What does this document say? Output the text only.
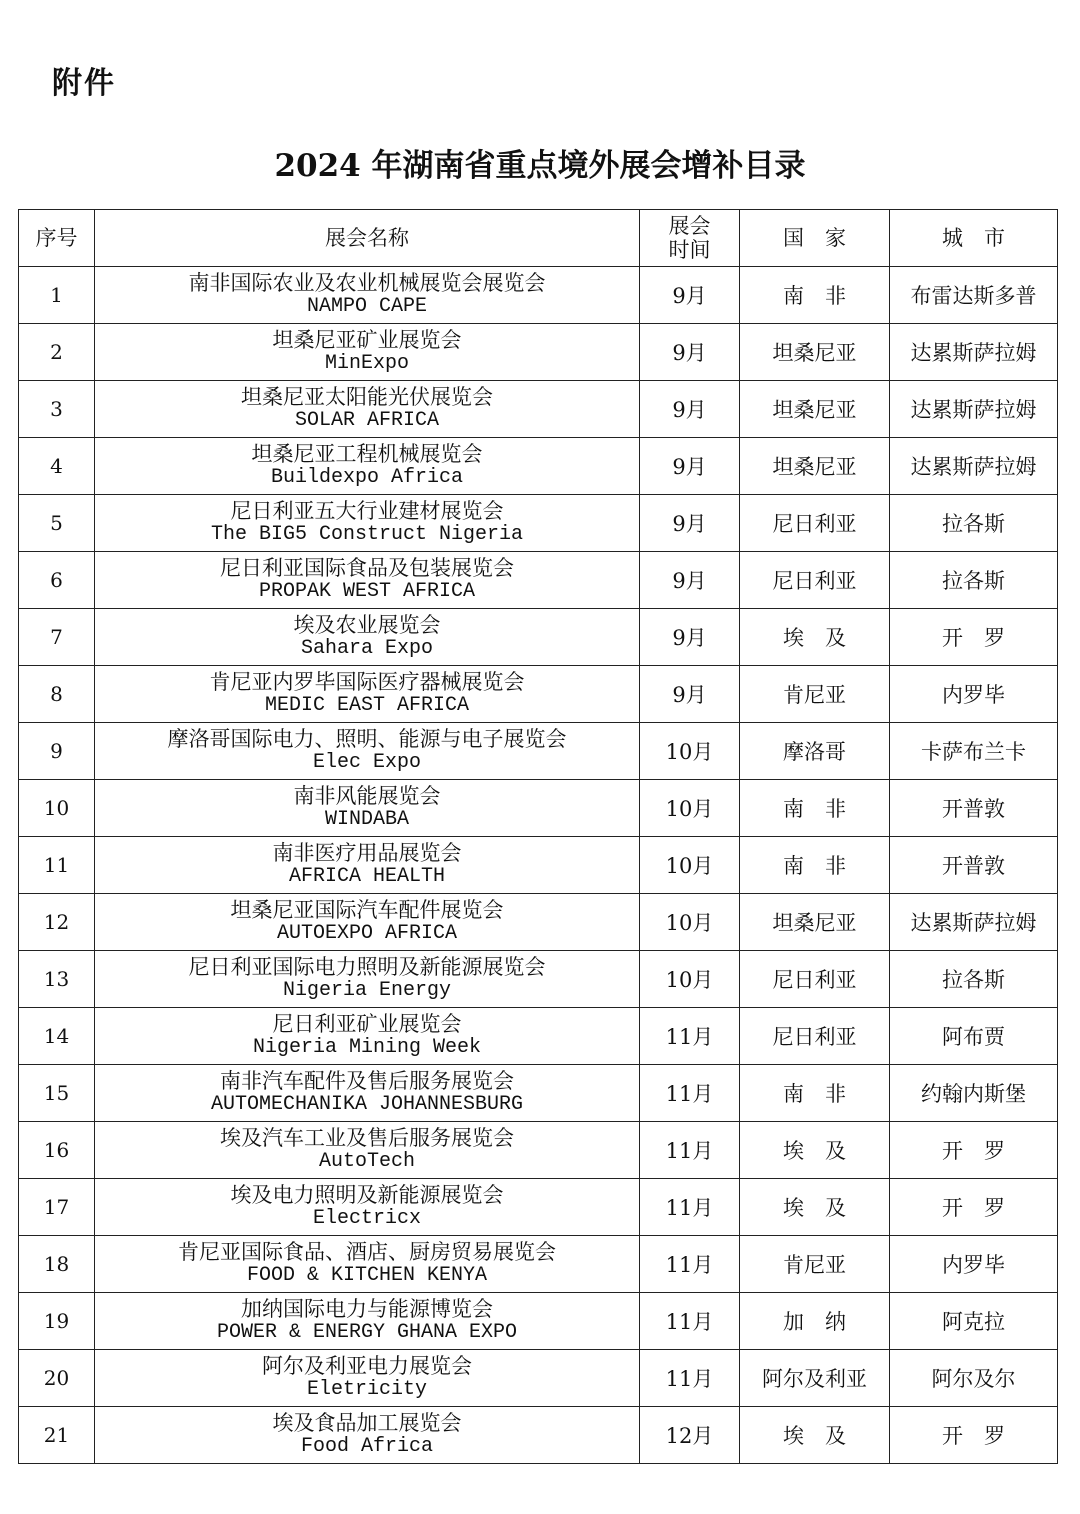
附件
2024 年湖南省重点境外展会增补目录
序号	展会名称	展会
时间	国　家	城　市
1	南非国际农业及农业机械展览会展览会
NAMPO CAPE	9月	南　非	布雷达斯多普
2	坦桑尼亚矿业展览会
MinExpo	9月	坦桑尼亚	达累斯萨拉姆
3	坦桑尼亚太阳能光伏展览会
SOLAR AFRICA	9月	坦桑尼亚	达累斯萨拉姆
4	坦桑尼亚工程机械展览会
Buildexpo Africa	9月	坦桑尼亚	达累斯萨拉姆
5	尼日利亚五大行业建材展览会
The BIG5 Construct Nigeria	9月	尼日利亚	拉各斯
6	尼日利亚国际食品及包装展览会
PROPAK WEST AFRICA	9月	尼日利亚	拉各斯
7	埃及农业展览会
Sahara Expo	9月	埃　及	开　罗
8	肯尼亚内罗毕国际医疗器械展览会
MEDIC EAST AFRICA	9月	肯尼亚	内罗毕
9	摩洛哥国际电力、照明、能源与电子展览会
Elec Expo	10月	摩洛哥	卡萨布兰卡
10	南非风能展览会
WINDABA	10月	南　非	开普敦
11	南非医疗用品展览会
AFRICA HEALTH	10月	南　非	开普敦
12	坦桑尼亚国际汽车配件展览会
AUTOEXPO AFRICA	10月	坦桑尼亚	达累斯萨拉姆
13	尼日利亚国际电力照明及新能源展览会
Nigeria Energy	10月	尼日利亚	拉各斯
14	尼日利亚矿业展览会
Nigeria Mining Week	11月	尼日利亚	阿布贾
15	南非汽车配件及售后服务展览会
AUTOMECHANIKA JOHANNESBURG	11月	南　非	约翰内斯堡
16	埃及汽车工业及售后服务展览会
AutoTech	11月	埃　及	开　罗
17	埃及电力照明及新能源展览会
Electricx	11月	埃　及	开　罗
18	肯尼亚国际食品、酒店、厨房贸易展览会
FOOD & KITCHEN KENYA	11月	肯尼亚	内罗毕
19	加纳国际电力与能源博览会
POWER & ENERGY GHANA EXPO	11月	加　纳	阿克拉
20	阿尔及利亚电力展览会
Eletricity	11月	阿尔及利亚	阿尔及尔
21	埃及食品加工展览会
Food Africa	12月	埃　及	开　罗
